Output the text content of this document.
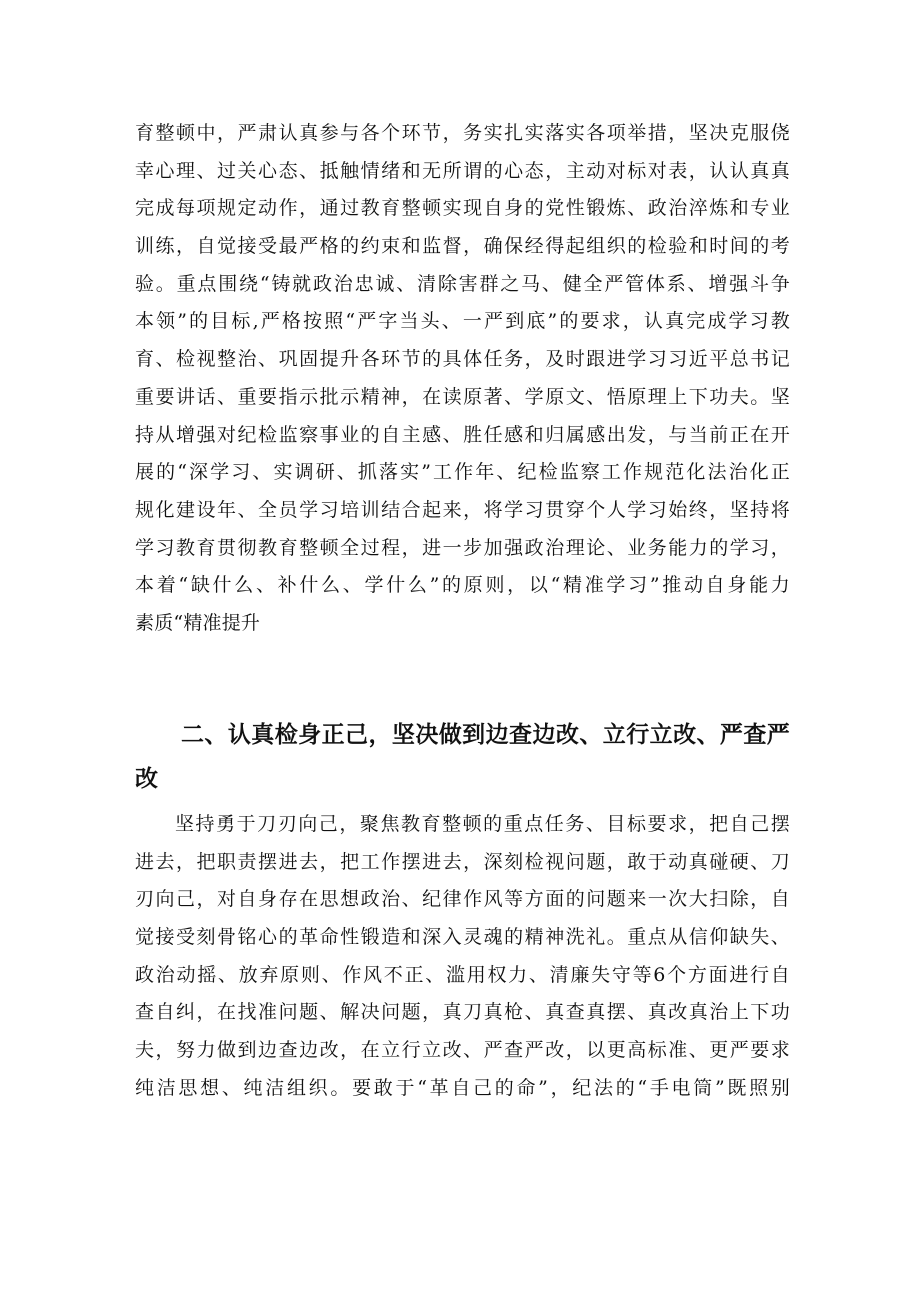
育整顿中，严肃认真参与各个环节，务实扎实落实各项举措，坚决克服侥
幸心理、过关心态、抵触情绪和无所谓的心态，主动对标对表，认认真真
完成每项规定动作，通过教育整顿实现自身的党性锻炼、政治淬炼和专业
训练，自觉接受最严格的约束和监督，确保经得起组织的检验和时间的考
验。重点围绕“铸就政治忠诚、清除害群之马、健全严管体系、增强斗争
本领”的目标,严格按照“严字当头、一严到底”的要求，认真完成学习教
育、检视整治、巩固提升各环节的具体任务，及时跟进学习习近平总书记
重要讲话、重要指示批示精神，在读原著、学原文、悟原理上下功夫。坚
持从增强对纪检监察事业的自主感、胜任感和归属感出发，与当前正在开
展的“深学习、实调研、抓落实”工作年、纪检监察工作规范化法治化正
规化建设年、全员学习培训结合起来，将学习贯穿个人学习始终，坚持将
学习教育贯彻教育整顿全过程，进一步加强政治理论、业务能力的学习，
本着“缺什么、补什么、学什么”的原则，以“精准学习”推动自身能力
素质“精准提升
二、认真检身正己，坚决做到边查边改、立行立改、严查严
改
坚持勇于刀刃向己，聚焦教育整顿的重点任务、目标要求，把自己摆
进去，把职责摆进去，把工作摆进去，深刻检视问题，敢于动真碰硬、刀
刃向己，对自身存在思想政治、纪律作风等方面的问题来一次大扫除，自
觉接受刻骨铭心的革命性锻造和深入灵魂的精神洗礼。重点从信仰缺失、
政治动摇、放弃原则、作风不正、滥用权力、清廉失守等6个方面进行自
查自纠，在找准问题、解决问题，真刀真枪、真查真摆、真改真治上下功
夫，努力做到边查边改，在立行立改、严查严改，以更高标准、更严要求
纯洁思想、纯洁组织。要敢于“革自己的命”，纪法的“手电筒”既照别
